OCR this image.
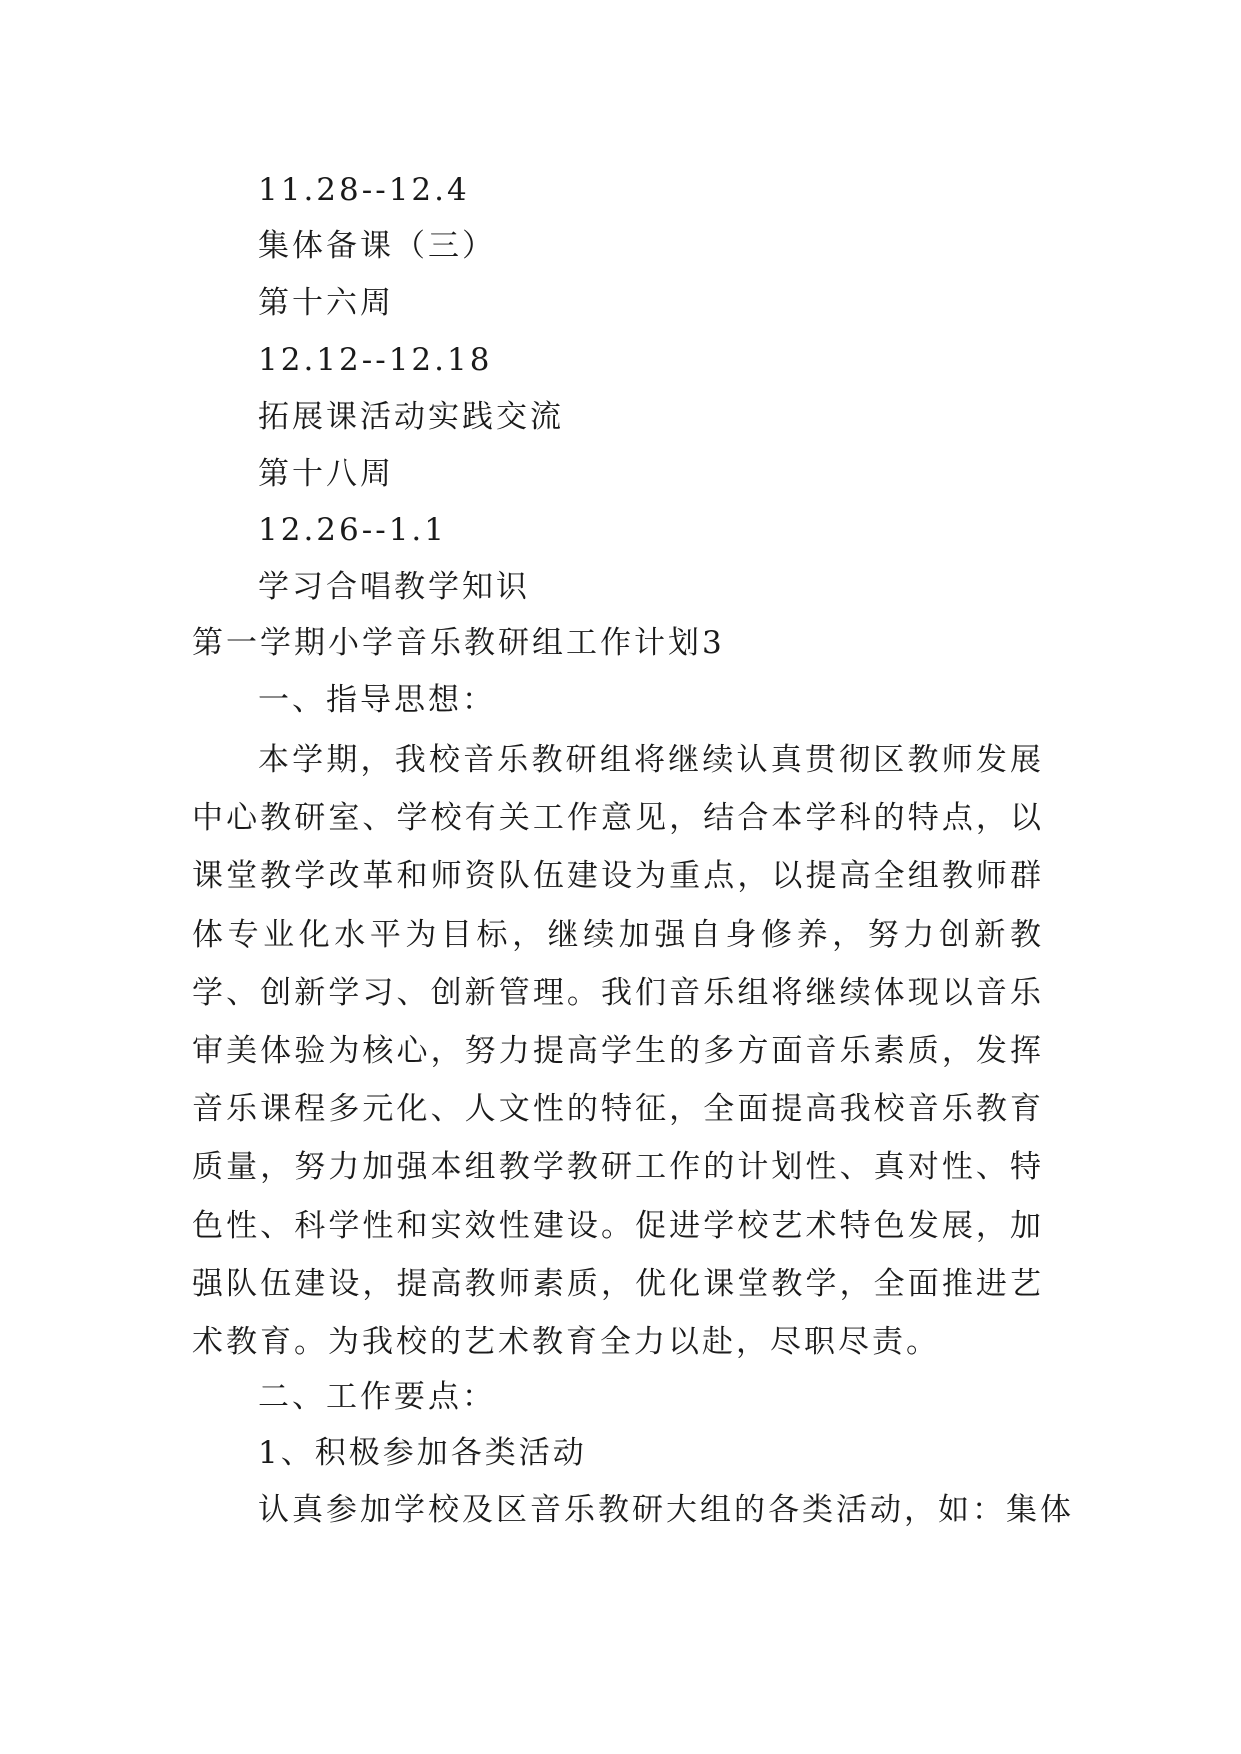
11.28--12.4
集体备课（三）
第十六周
12.12--12.18
拓展课活动实践交流
第十八周
12.26--1.1
学习合唱教学知识
第一学期小学音乐教研组工作计划3
一、指导思想：

本学期，我校音乐教研组将继续认真贯彻区教师发展中心教研室、学校有关工作意见，结合本学科的特点，以课堂教学改革和师资队伍建设为重点，以提高全组教师群体专业化水平为目标，继续加强自身修养，努力创新教学、创新学习、创新管理。我们音乐组将继续体现以音乐审美体验为核心，努力提高学生的多方面音乐素质，发挥音乐课程多元化、人文性的特征，全面提高我校音乐教育质量，努力加强本组教学教研工作的计划性、真对性、特色性、科学性和实效性建设。促进学校艺术特色发展，加强队伍建设，提高教师素质，优化课堂教学，全面推进艺术教育。为我校的艺术教育全力以赴，尽职尽责。

二、工作要点：
1、积极参加各类活动
认真参加学校及区音乐教研大组的各类活动，如：集体
